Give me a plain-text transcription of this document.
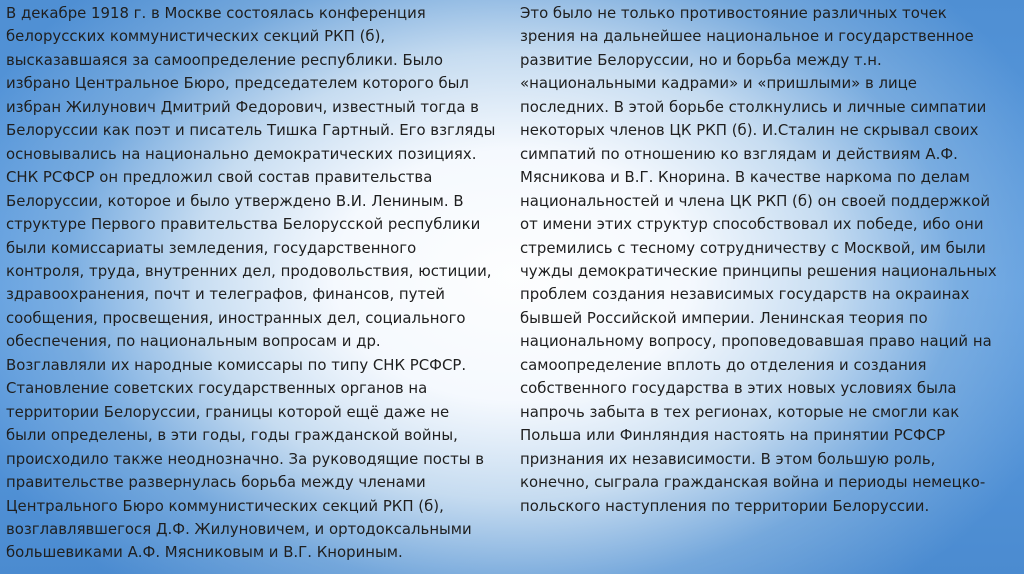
В декабре 1918 г. в Москве состоялась конференция
белорусских коммунистических секций РКП (б),
высказавшаяся за самоопределение республики. Было
избрано Центральное Бюро, председателем которого был
избран Жилунович Дмитрий Федорович, известный тогда в
Белоруссии как поэт и писатель Тишка Гартный. Его взгляды
основывались на национально демократических позициях.
СНК РСФСР он предложил свой состав правительства
Белоруссии, которое и было утверждено В.И. Лениным. В
структуре Первого правительства Белорусской республики
были комиссариаты земледения, государственного
контроля, труда, внутренних дел, продовольствия, юстиции,
здравоохранения, почт и телеграфов, финансов, путей
сообщения, просвещения, иностранных дел, социального
обеспечения, по национальным вопросам и др.
Возглавляли их народные комиссары по типу СНК РСФСР.
Становление советских государственных органов на
территории Белоруссии, границы которой ещё даже не
были определены, в эти годы, годы гражданской войны,
происходило также неоднозначно. За руководящие посты в
правительстве развернулась борьба между членами
Центрального Бюро коммунистических секций РКП (б),
возглавлявшегося Д.Ф. Жилуновичем, и ортодоксальными
большевиками А.Ф. Мясниковым и В.Г. Кнориным.
Это было не только противостояние различных точек
зрения на дальнейшее национальное и государственное
развитие Белоруссии, но и борьба между т.н.
«национальными кадрами» и «пришлыми» в лице
последних. В этой борьбе столкнулись и личные симпатии
некоторых членов ЦК РКП (б). И.Сталин не скрывал своих
симпатий по отношению ко взглядам и действиям А.Ф.
Мясникова и В.Г. Кнорина. В качестве наркома по делам
национальностей и члена ЦК РКП (б) он своей поддержкой
от имени этих структур способствовал их победе, ибо они
стремились с тесному сотрудничеству с Москвой, им были
чужды демократические принципы решения национальных
проблем создания независимых государств на окраинах
бывшей Российской империи. Ленинская теория по
национальному вопросу, проповедовавшая право наций на
самоопределение вплоть до отделения и создания
собственного государства в этих новых условиях была
напрочь забыта в тех регионах, которые не смогли как
Польша или Финляндия настоять на принятии РСФСР
признания их независимости. В этом большую роль,
конечно, сыграла гражданская война и периоды немецко-
польского наступления по территории Белоруссии.
